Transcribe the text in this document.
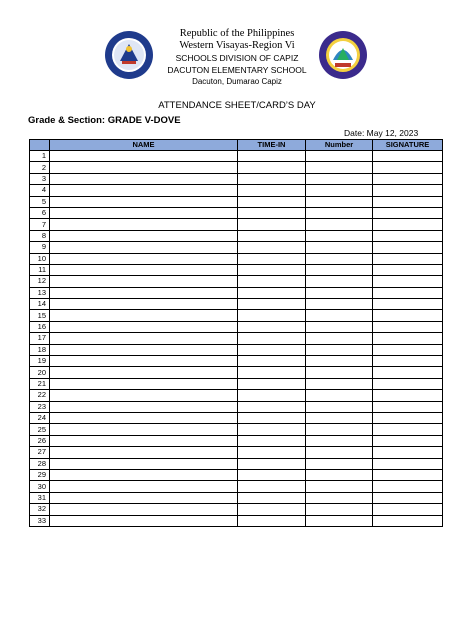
Republic of the Philippines
Western Visayas-Region Vi
SCHOOLS DIVISION OF CAPIZ
DACUTON ELEMENTARY SCHOOL
Dacuton, Dumarao Capiz
ATTENDANCE SHEET/CARD’S DAY
Grade & Section: GRADE V-DOVE
Date: May 12, 2023
	NAME	TIME-IN	Number	SIGNATURE
1				
2				
3				
4				
5				
6				
7				
8				
9				
10				
11				
12				
13				
14				
15				
16				
17				
18				
19				
20				
21				
22				
23				
24				
25				
26				
27				
28				
29				
30				
31				
32				
33				
